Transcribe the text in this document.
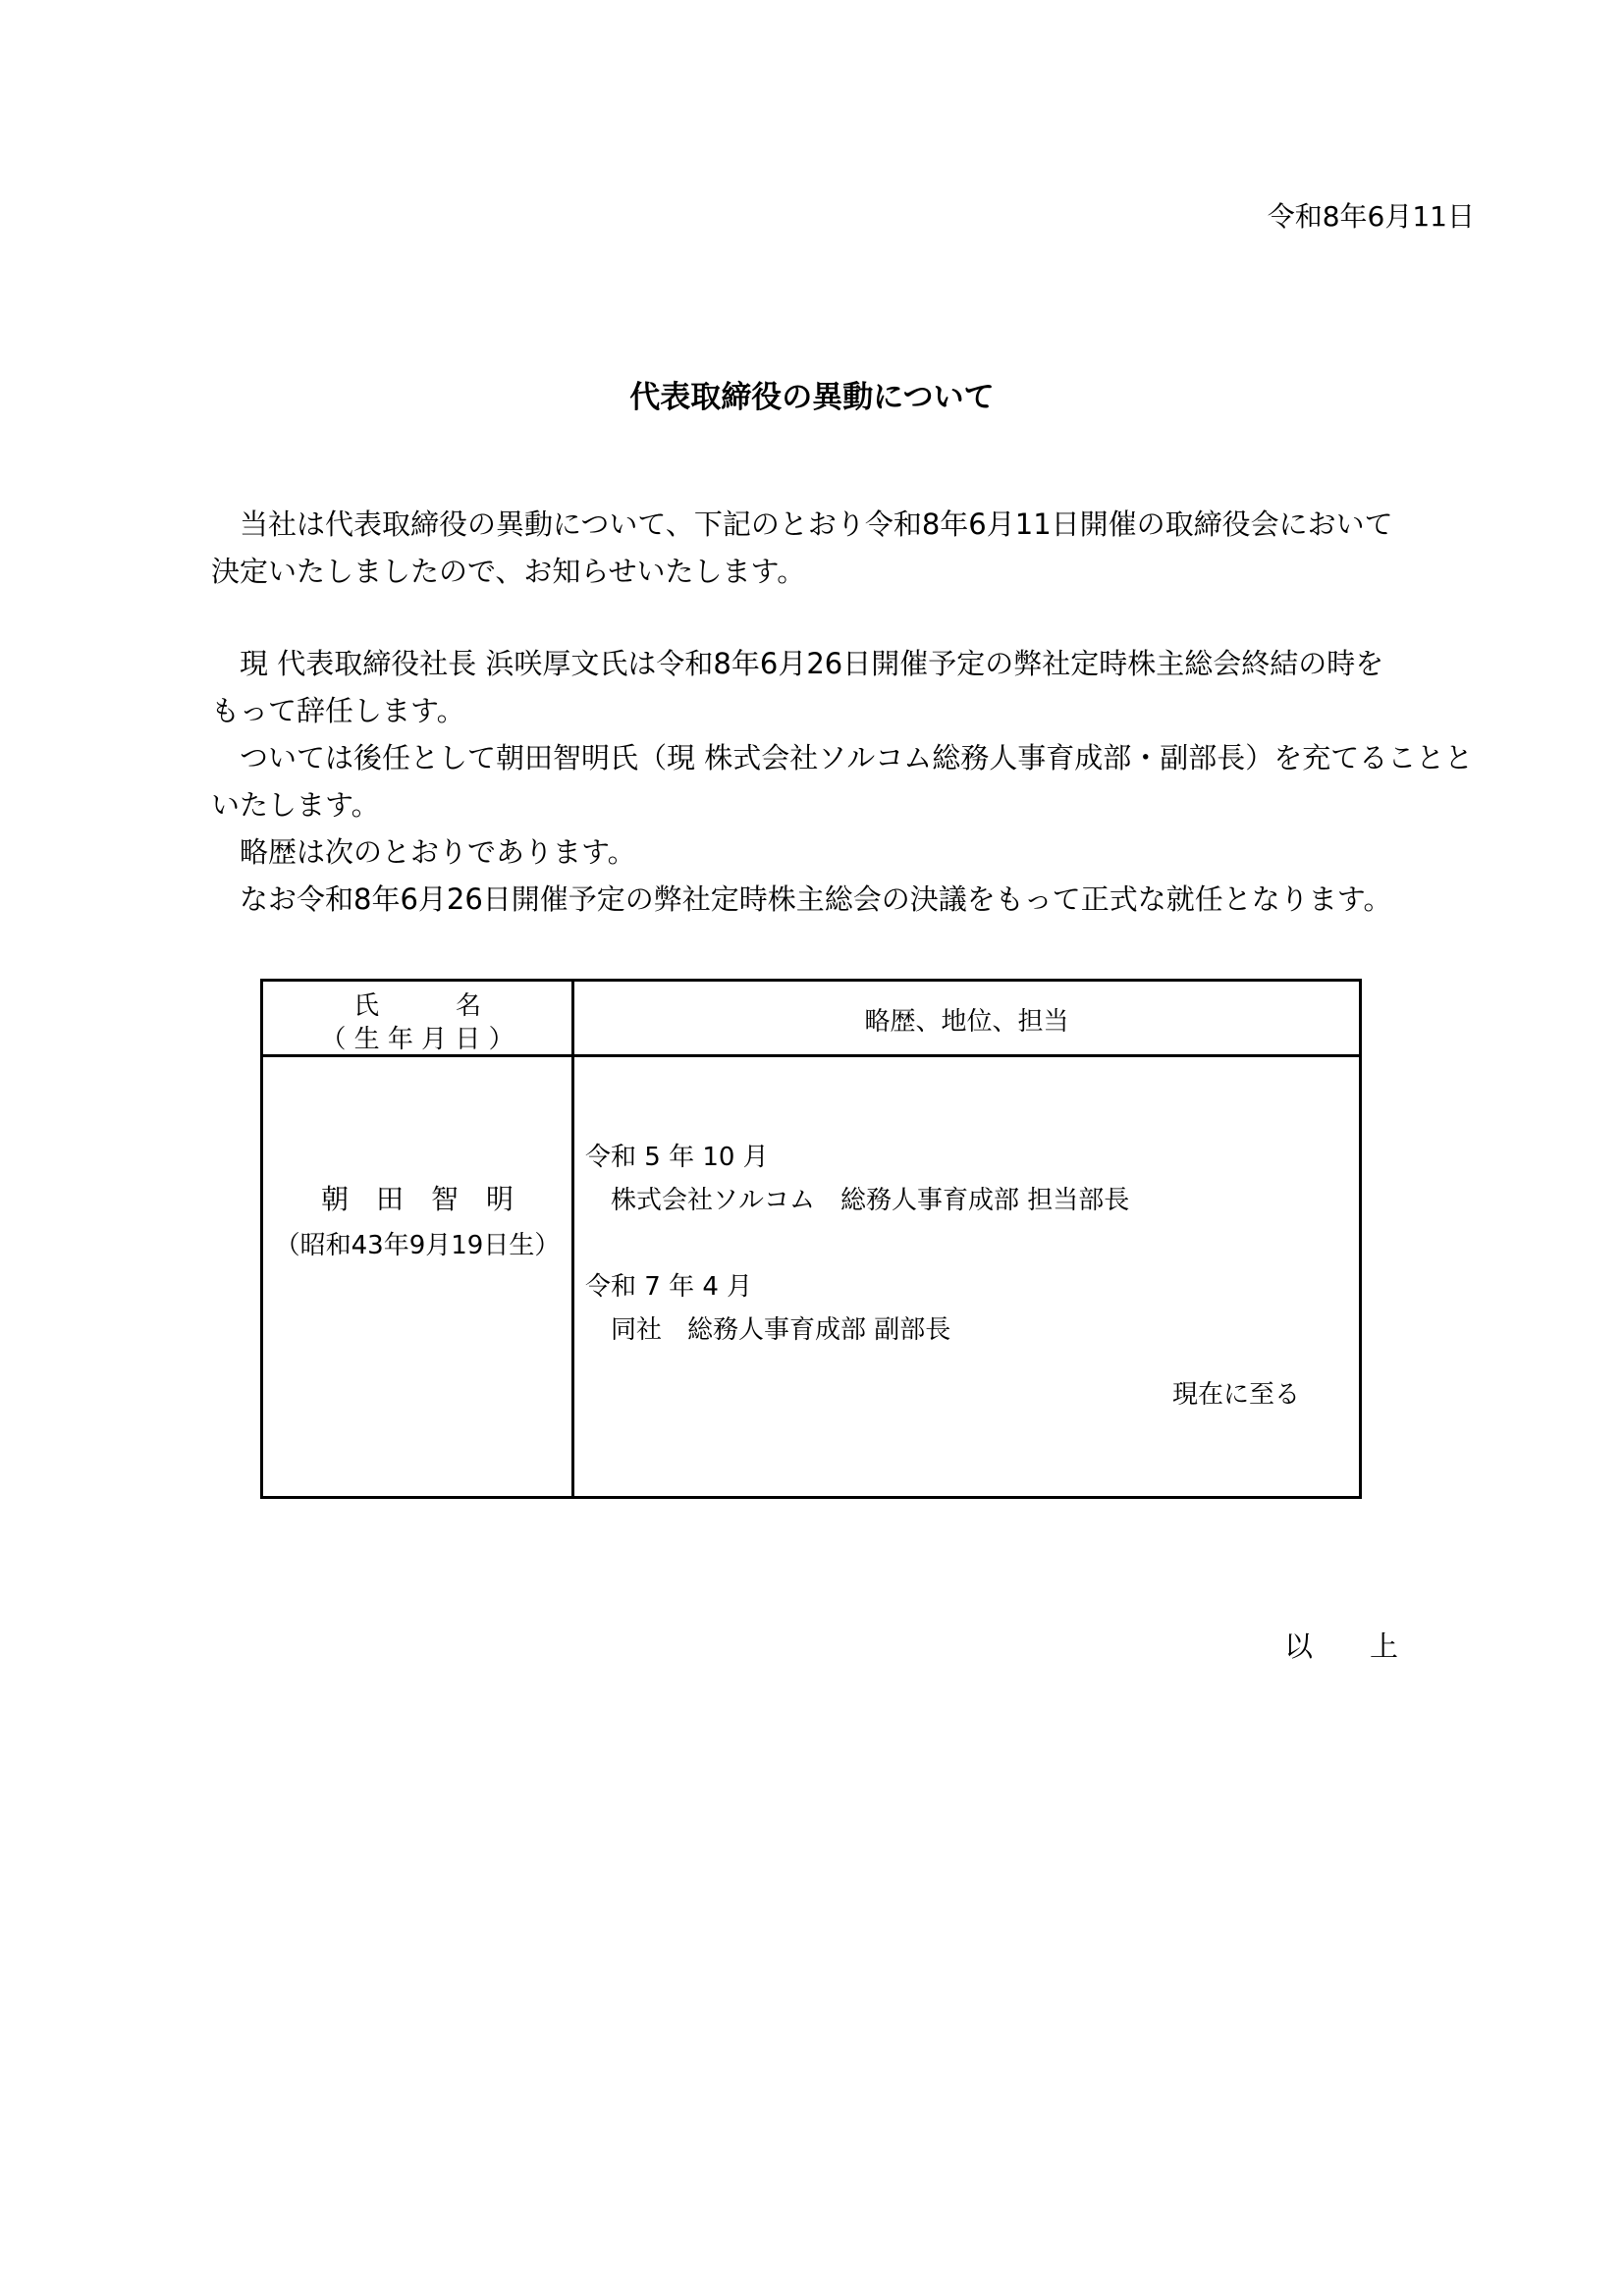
令和8年6月11日
代表取締役の異動について
　当社は代表取締役の異動について、下記のとおり令和8年6月11日開催の取締役会において
決定いたしましたので、お知らせいたします。
　現 代表取締役社長 浜咲厚文氏は令和8年6月26日開催予定の弊社定時株主総会終結の時を
もって辞任します。
　ついては後任として朝田智明氏（現 株式会社ソルコム総務人事育成部・副部長）を充てることと
いたします。
　略歴は次のとおりであります。
　なお令和8年6月26日開催予定の弊社定時株主総会の決議をもって正式な就任となります。
氏　　　名
（ 生 年 月 日 ）
略歴、地位、担当
朝　田　智　明
（昭和43年9月19日生）
令和 5 年 10 月
株式会社ソルコム　総務人事育成部 担当部長
令和 7 年 4 月
同社　総務人事育成部 副部長
現在に至る
以　　上
